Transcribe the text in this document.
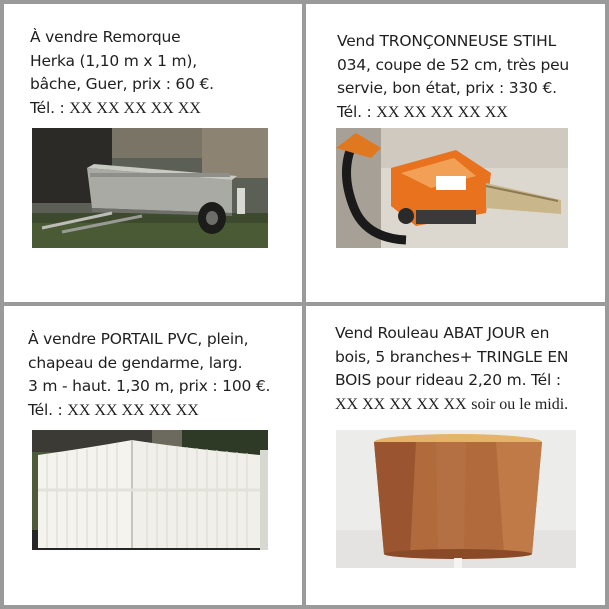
À vendre Remorque
Herka (1,10 m x 1 m),
bâche, Guer, prix : 60 €.
Tél. : XX XX XX XX XX
Vend TRONÇONNEUSE STIHL
034, coupe de 52 cm, très peu
servie, bon état, prix : 330 €.
Tél. : XX XX XX XX XX
À vendre PORTAIL PVC, plein,
chapeau de gendarme, larg.
3 m - haut. 1,30 m, prix : 100 €.
Tél. : XX XX XX XX XX
Vend Rouleau ABAT JOUR en
bois, 5 branches+ TRINGLE EN
BOIS pour rideau 2,20 m. Tél :
XX XX XX XX XX soir ou le midi.
